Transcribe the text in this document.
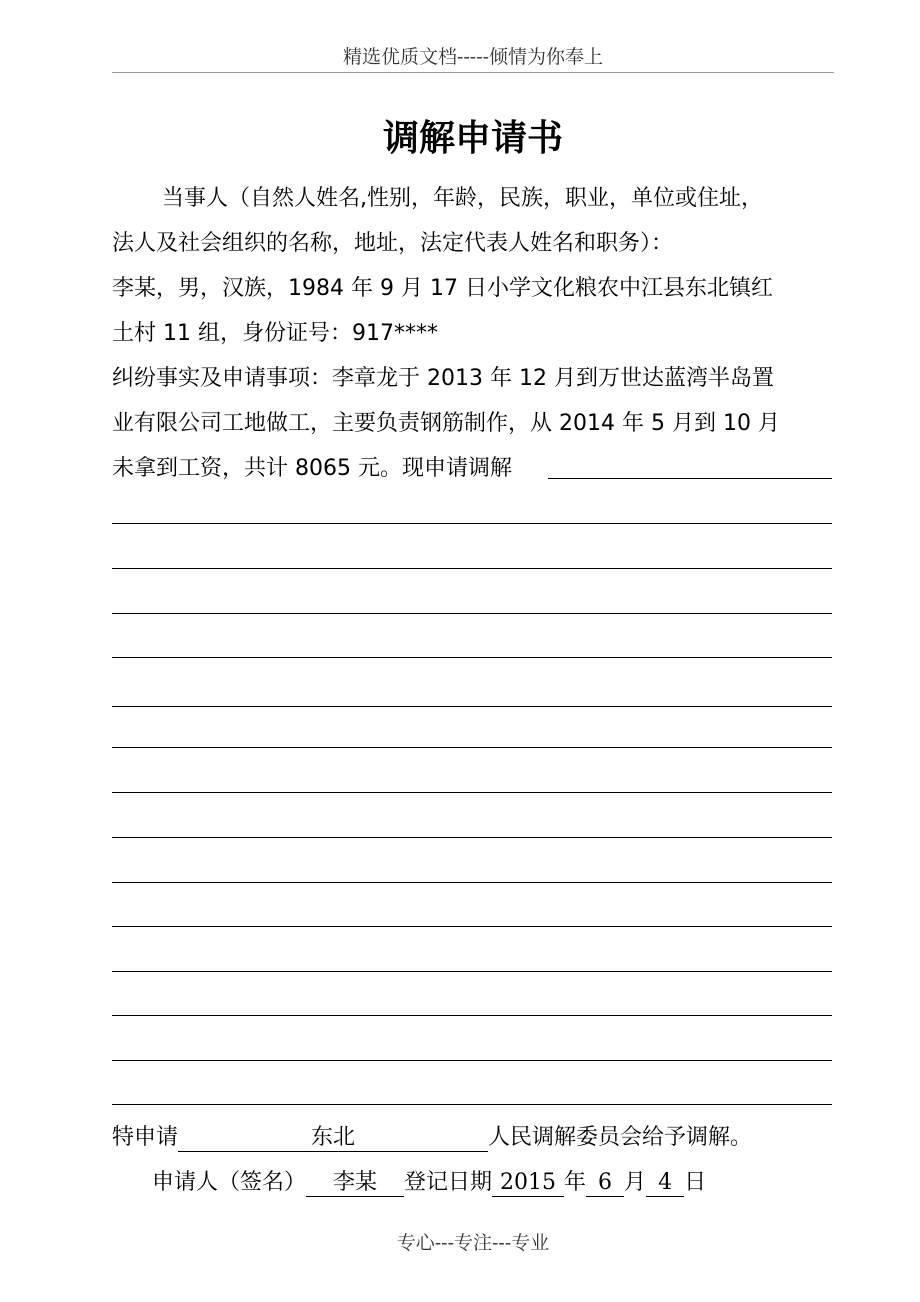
精选优质文档-----倾情为你奉上
调解申请书
当事人（自然人姓名,性别，年龄，民族，职业，单位或住址，
法人及社会组织的名称，地址，法定代表人姓名和职务）：
李某，男，汉族，1984 年 9 月 17 日小学文化粮农中江县东北镇红
土村 11 组，身份证号：917****
纠纷事实及申请事项：李章龙于 2013 年 12 月到万世达蓝湾半岛置
业有限公司工地做工，主要负责钢筋制作，从 2014 年 5 月到 10 月
未拿到工资，共计 8065 元。现申请调解
特申请	东北	人民调解委员会给予调解。
申请人（签名） 李某 登记日期 2015 年 6 月 4 日
专心---专注---专业
